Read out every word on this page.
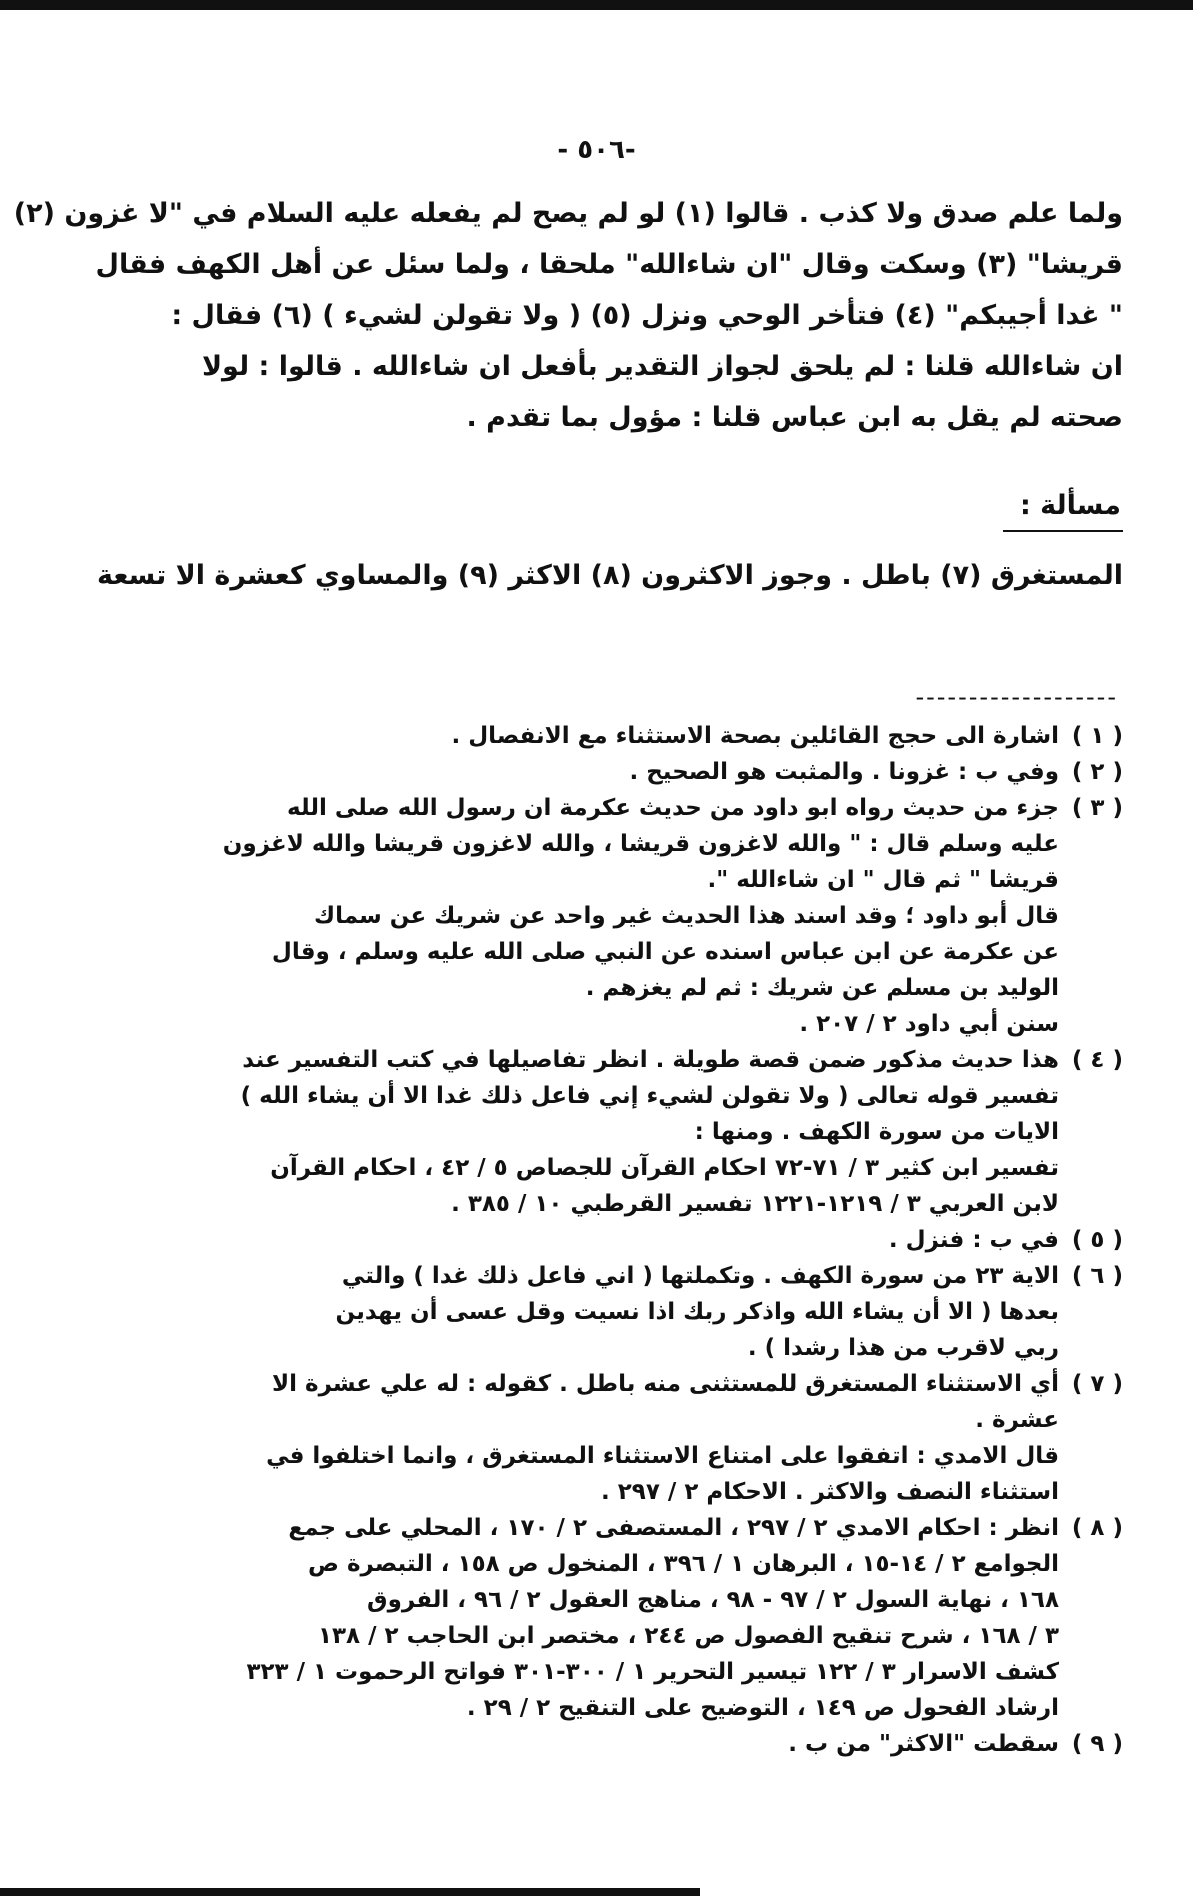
- ٥٠٦-
ولما علم صدق ولا كذب . قالوا (١) لو لم يصح لم يفعله عليه السلام في "لا غزون (٢)
قريشا" (٣) وسكت وقال "ان شاءالله" ملحقا ، ولما سئل عن أهل الكهف فقال
" غدا أجيبكم" (٤) فتأخر الوحي ونزل (٥) ( ولا تقولن لشيء ) (٦) فقال :
ان شاءالله قلنا : لم يلحق لجواز التقدير بأفعل ان شاءالله . قالوا : لولا
صحته لم يقل به ابن عباس قلنا : مؤول بما تقدم .
مسألة :
المستغرق (٧) باطل . وجوز الاكثرون (٨) الاكثر (٩) والمساوي كعشرة الا تسعة
-------------------
( ١ )
اشارة الى حجج القائلين بصحة الاستثناء مع الانفصال .
( ٢ )
وفي ب : غزونا . والمثبت هو الصحيح .
( ٣ )
جزء من حديث رواه ابو داود من حديث عكرمة ان رسول الله صلى الله
عليه وسلم قال : " والله لاغزون قريشا ، والله لاغزون قريشا والله لاغزون
قريشا " ثم قال " ان شاءالله ".
قال أبو داود ؛ وقد اسند هذا الحديث غير واحد عن شريك عن سماك
عن عكرمة عن ابن عباس اسنده عن النبي صلى الله عليه وسلم ، وقال
الوليد بن مسلم عن شريك : ثم لم يغزهم .
سنن أبي داود ٢ / ٢٠٧ .
( ٤ )
هذا حديث مذكور ضمن قصة طويلة . انظر تفاصيلها في كتب التفسير عند
تفسير قوله تعالى ( ولا تقولن لشيء إني فاعل ذلك غدا الا أن يشاء الله )
الايات من سورة الكهف . ومنها :
تفسير ابن كثير ٣ / ٧١-٧٢ احكام القرآن للجصاص ٥ / ٤٢ ، احكام القرآن
لابن العربي ٣ / ١٢١٩-١٢٢١ تفسير القرطبي ١٠ / ٣٨٥ .
( ٥ )
في ب : فنزل .
( ٦ )
الاية ٢٣ من سورة الكهف . وتكملتها ( اني فاعل ذلك غدا ) والتي
بعدها ( الا أن يشاء الله واذكر ربك اذا نسيت وقل عسى أن يهدين
ربي لاقرب من هذا رشدا ) .
( ٧ )
أي الاستثناء المستغرق للمستثنى منه باطل . كقوله : له علي عشرة الا
عشرة .
قال الامدي : اتفقوا على امتناع الاستثناء المستغرق ، وانما اختلفوا في
استثناء النصف والاكثر . الاحكام ٢ / ٢٩٧ .
( ٨ )
انظر : احكام الامدي ٢ / ٢٩٧ ، المستصفى ٢ / ١٧٠ ، المحلي على جمع
الجوامع ٢ / ١٤-١٥ ، البرهان ١ / ٣٩٦ ، المنخول ص ١٥٨ ، التبصرة ص
١٦٨ ، نهاية السول ٢ / ٩٧ - ٩٨ ، مناهج العقول ٢ / ٩٦ ، الفروق
٣ / ١٦٨ ، شرح تنقيح الفصول ص ٢٤٤ ، مختصر ابن الحاجب ٢ / ١٣٨
كشف الاسرار ٣ / ١٢٢ تيسير التحرير ١ / ٣٠٠-٣٠١ فواتح الرحموت ١ / ٣٢٣
ارشاد الفحول ص ١٤٩ ، التوضيح على التنقيح ٢ / ٢٩ .
( ٩ )
سقطت "الاكثر" من ب .
